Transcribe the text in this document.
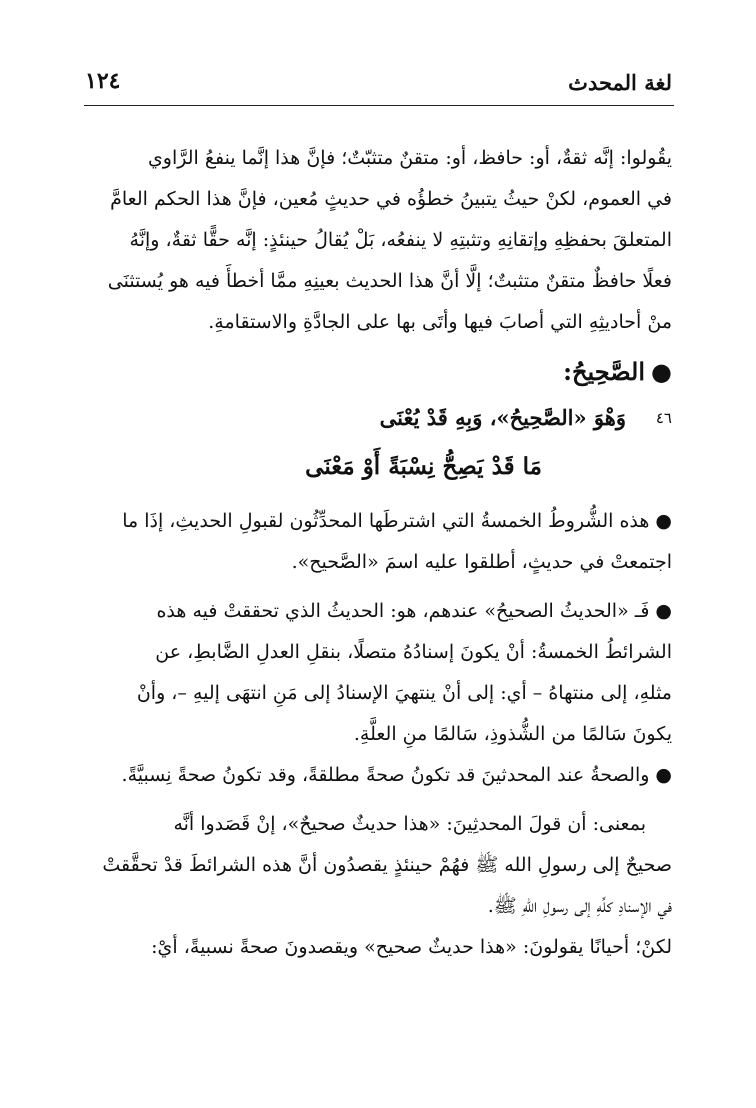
لغة المحدث
١٢٤
يقُولوا: إنَّه ثقةٌ، أو: حافظ، أو: متقنٌ متثبّتٌ؛ فإنَّ هذا إنَّما ينفعُ الرَّاوي
في العموم، لكنْ حيثُ يتبينُ خطؤُه في حديثٍ مُعين، فإنَّ هذا الحكم العامَّ
المتعلقَ بحفظِهِ وإتقانِهِ وتثبتِهِ لا ينفعُه، بَلْ يُقالُ حينئذٍ: إنَّه حقًّا ثقةٌ، وإنَّهُ
فعلًا حافظٌ متقنٌ متثبتٌ؛ إلَّا أنَّ هذا الحديث بعينِهِ ممَّا أخطأَ فيه هو يُستثنَى
منْ أحاديثِهِ التي أصابَ فيها وأتَى بها على الجادَّةِ والاستقامةِ.
●الصَّحِيحُ:
٤٦
وَهْوَ «الصَّحِيحُ»، وَبِهِ قَدْ يُعْنَى
مَا قَدْ يَصِحُّ نِسْبَةً أَوْ مَعْنَى
●هذه الشُّروطُ الخمسةُ التي اشترطَها المحدِّثُون لقبولِ الحديثِ، إذَا ما
اجتمعتْ في حديثٍ، أطلقوا عليه اسمَ «الصَّحيح».
●فَـ «الحديثُ الصحيحُ» عندهم، هو: الحديثُ الذي تحققتْ فيه هذه
الشرائطُ الخمسةُ: أنْ يكونَ إسنادُهُ متصلًا، بنقلِ العدلِ الضَّابطِ، عن
مثلهِ، إلى منتهاهُ – أي: إلى أنْ ينتهيَ الإسنادُ إلى مَنِ انتهَى إليهِ –، وأنْ
يكونَ سَالمًا من الشُّذوذِ، سَالمًا منِ العلَّةِ.
●والصحةُ عند المحدثينَ قد تكونُ صحةً مطلقةً، وقد تكونُ صحةً نِسبيَّةً.
بمعنى: أن قولَ المحدثِينَ: «هذا حديثٌ صحيحٌ»، إنْ قَصَدوا أنَّه
صحيحٌ إلى رسولِ الله ﷺ فهُمْ حينئذٍ يقصدُون أنَّ هذه الشرائطَ قدْ تحقَّقتْ
في الإسنادِ كلِّهِ إلى رسولِ اللهِ ﷺ.
لكنْ؛ أحيانًا يقولونَ: «هذا حديثٌ صحيح» ويقصدونَ صحةً نسبيةً، أيْ:
